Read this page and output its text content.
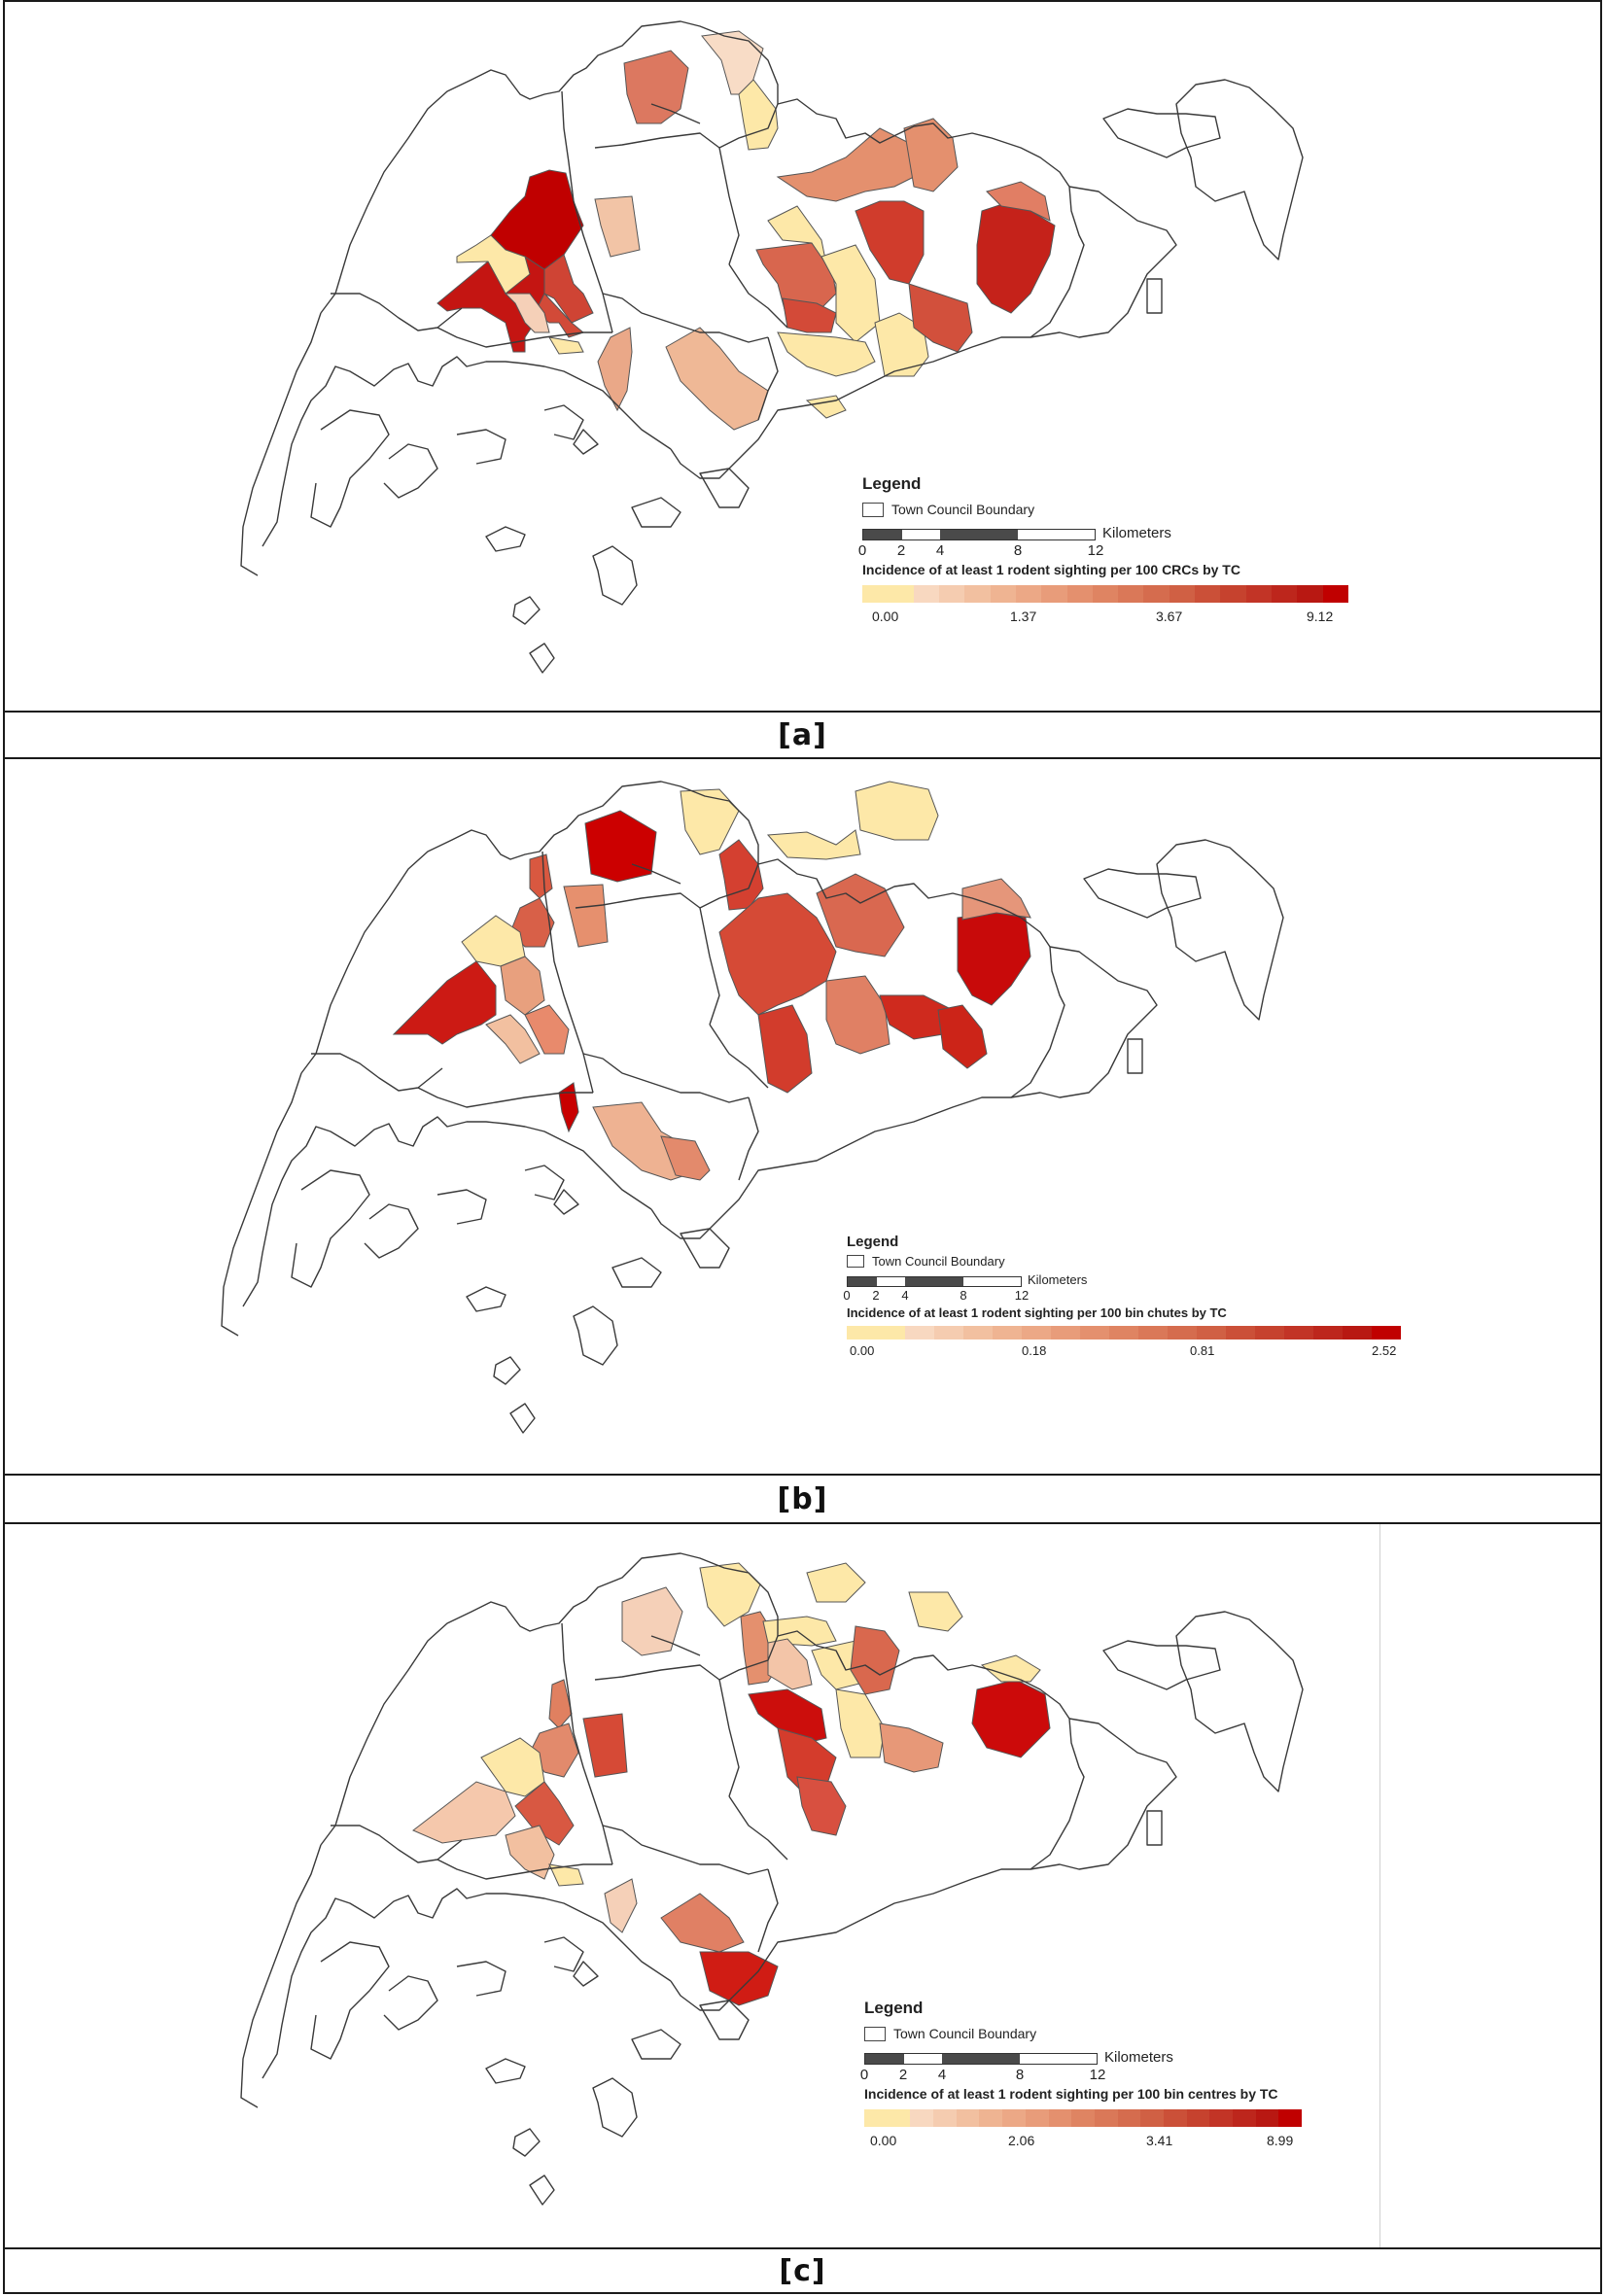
Legend
Town Council Boundary
Kilometers
0 2 4	8	12
Incidence of at least 1 rodent sighting per 100 CRCs by TC
0.00	1.37	3.67	9.12
[a]
Legend
Town Council Boundary
Kilometers
0 2 4	8	12
Incidence of at least 1 rodent sighting per 100 bin chutes by TC
0.00	0.18	0.81	2.52
[b]
Legend
Town Council Boundary
Kilometers
0 2 4	8	12
Incidence of at least 1 rodent sighting per 100 bin centres by TC
0.00	2.06	3.41	8.99
[c]
